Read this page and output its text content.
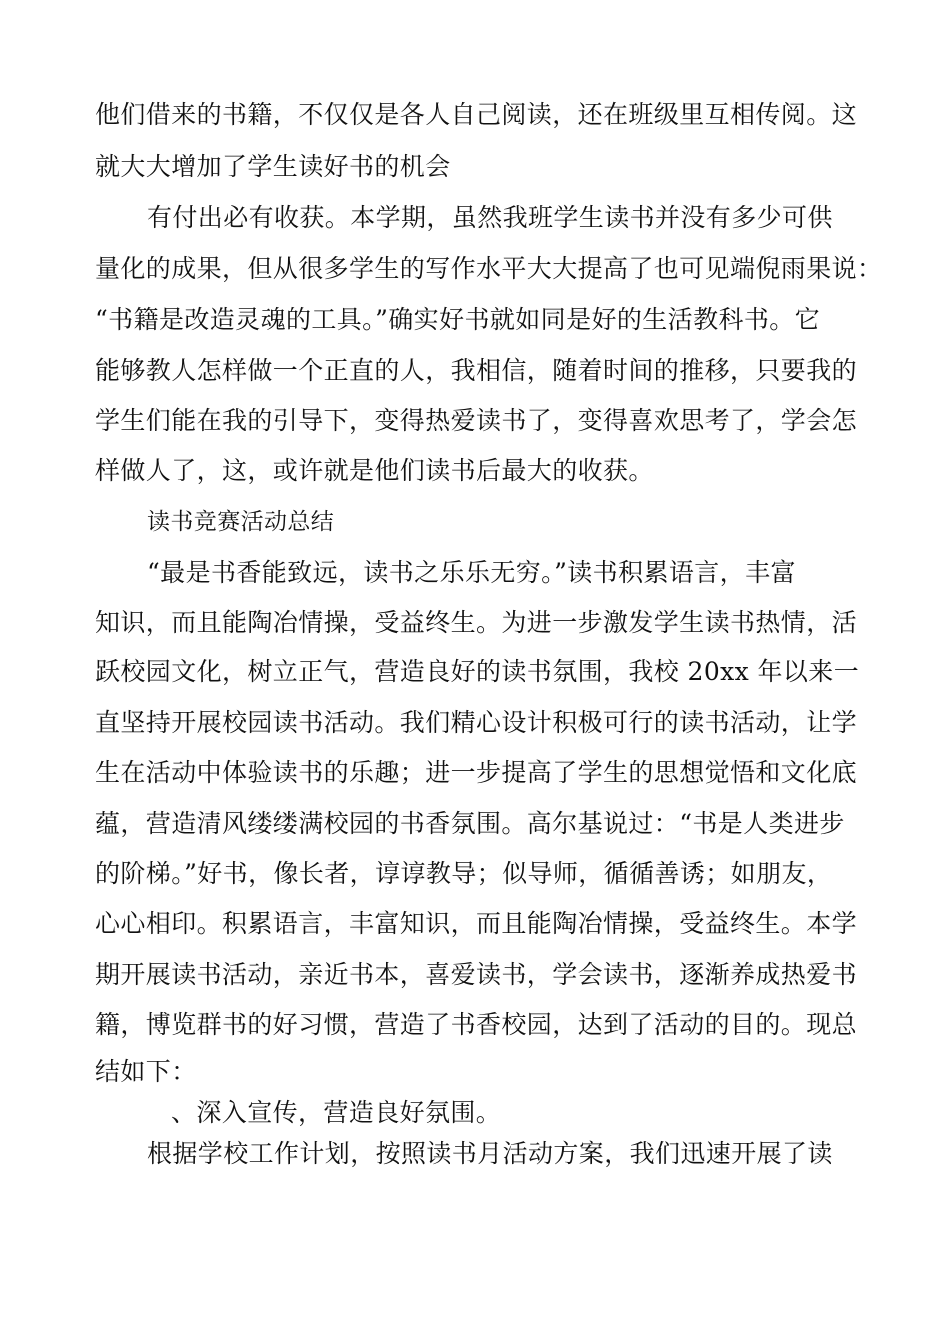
他们借来的书籍，不仅仅是各人自己阅读，还在班级里互相传阅。这
就大大增加了学生读好书的机会
有付出必有收获。本学期，虽然我班学生读书并没有多少可供
量化的成果，但从很多学生的写作水平大大提高了也可见端倪雨果说：
“书籍是改造灵魂的工具。”确实好书就如同是好的生活教科书。它
能够教人怎样做一个正直的人，我相信，随着时间的推移，只要我的
学生们能在我的引导下，变得热爱读书了，变得喜欢思考了，学会怎
样做人了，这，或许就是他们读书后最大的收获。
读书竞赛活动总结
“最是书香能致远，读书之乐乐无穷。”读书积累语言，丰富
知识，而且能陶冶情操，受益终生。为进一步激发学生读书热情，活
跃校园文化，树立正气，营造良好的读书氛围，我校 20xx 年以来一
直坚持开展校园读书活动。我们精心设计积极可行的读书活动，让学
生在活动中体验读书的乐趣；进一步提高了学生的思想觉悟和文化底
蕴，营造清风缕缕满校园的书香氛围。高尔基说过：“书是人类进步
的阶梯。”好书，像长者，谆谆教导；似导师，循循善诱；如朋友，
心心相印。积累语言，丰富知识，而且能陶冶情操，受益终生。本学
期开展读书活动，亲近书本，喜爱读书，学会读书，逐渐养成热爱书
籍，博览群书的好习惯，营造了书香校园，达到了活动的目的。现总
结如下：
、深入宣传，营造良好氛围。
根据学校工作计划，按照读书月活动方案，我们迅速开展了读
